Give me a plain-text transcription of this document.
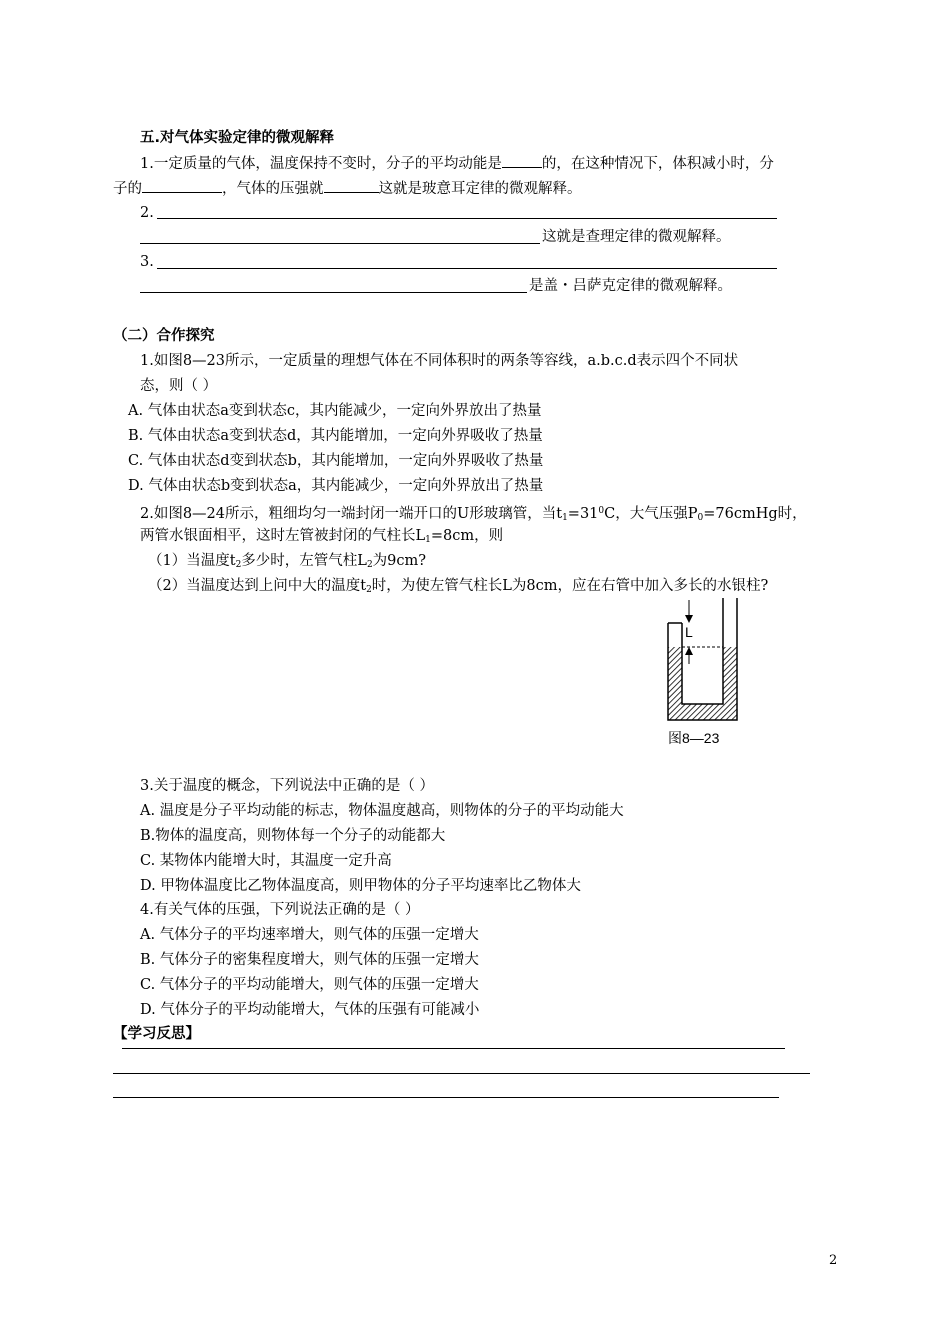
五.对气体实验定律的微观解释
1.一定质量的气体，温度保持不变时，分子的平均动能是	的，在这种情况下，体积减小时，分
子的	，气体的压强就	这就是玻意耳定律的微观解释。
2.
这就是查理定律的微观解释。
3.
是盖・吕萨克定律的微观解释。
（二）合作探究
1.如图8—23所示，一定质量的理想气体在不同体积时的两条等容线，a.b.c.d表示四个不同状
态，则（ ）
A. 气体由状态a变到状态c，其内能减少，一定向外界放出了热量
B. 气体由状态a变到状态d，其内能增加，一定向外界吸收了热量
C. 气体由状态d变到状态b，其内能增加，一定向外界吸收了热量
D. 气体由状态b变到状态a，其内能减少，一定向外界放出了热量
2.如图8—24所示，粗细均匀一端封闭一端开口的U形玻璃管，当$t_1=31^0C$，大气压强$P_0=76cmHg$时，
两管水银面相平，这时左管被封闭的气柱长$L_1=8cm$，则
（1）当温度$t_2$多少时，左管气柱$L_2$为9cm?
（2）当温度达到上问中大的温度$t_2$时，为使左管气柱长L为8cm，应在右管中加入多长的水银柱?
L
图8—23
3.关于温度的概念，下列说法中正确的是（ ）
A. 温度是分子平均动能的标志，物体温度越高，则物体的分子的平均动能大
B.物体的温度高，则物体每一个分子的动能都大
C. 某物体内能增大时，其温度一定升高
D. 甲物体温度比乙物体温度高，则甲物体的分子平均速率比乙物体大
4.有关气体的压强，下列说法正确的是（ ）
A. 气体分子的平均速率增大，则气体的压强一定增大
B. 气体分子的密集程度增大，则气体的压强一定增大
C. 气体分子的平均动能增大，则气体的压强一定增大
D. 气体分子的平均动能增大，气体的压强有可能减小
【学习反思】
2
